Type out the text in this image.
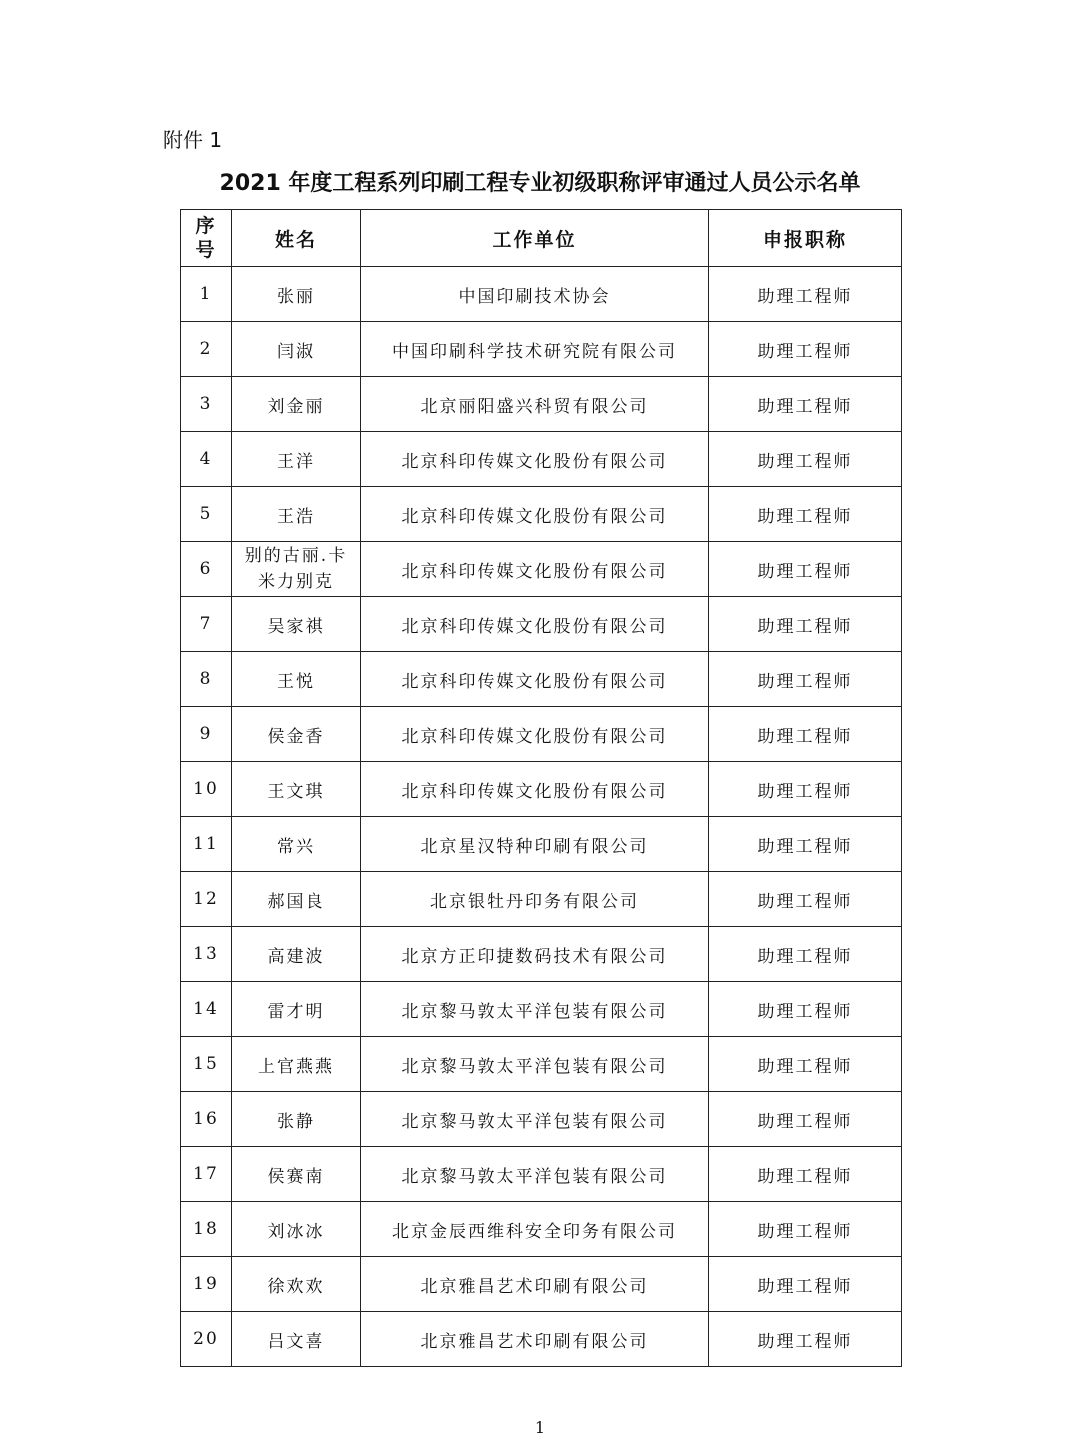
附件 1
2021 年度工程系列印刷工程专业初级职称评审通过人员公示名单
序
号	姓名	工作单位	申报职称
1	张丽	中国印刷技术协会	助理工程师
2	闫淑	中国印刷科学技术研究院有限公司	助理工程师
3	刘金丽	北京丽阳盛兴科贸有限公司	助理工程师
4	王洋	北京科印传媒文化股份有限公司	助理工程师
5	王浩	北京科印传媒文化股份有限公司	助理工程师
6	别的古丽.卡
米力别克	北京科印传媒文化股份有限公司	助理工程师
7	吴家祺	北京科印传媒文化股份有限公司	助理工程师
8	王悦	北京科印传媒文化股份有限公司	助理工程师
9	侯金香	北京科印传媒文化股份有限公司	助理工程师
10	王文琪	北京科印传媒文化股份有限公司	助理工程师
11	常兴	北京星汉特种印刷有限公司	助理工程师
12	郝国良	北京银牡丹印务有限公司	助理工程师
13	高建波	北京方正印捷数码技术有限公司	助理工程师
14	雷才明	北京黎马敦太平洋包装有限公司	助理工程师
15	上官燕燕	北京黎马敦太平洋包装有限公司	助理工程师
16	张静	北京黎马敦太平洋包装有限公司	助理工程师
17	侯赛南	北京黎马敦太平洋包装有限公司	助理工程师
18	刘冰冰	北京金辰西维科安全印务有限公司	助理工程师
19	徐欢欢	北京雅昌艺术印刷有限公司	助理工程师
20	吕文喜	北京雅昌艺术印刷有限公司	助理工程师
1
